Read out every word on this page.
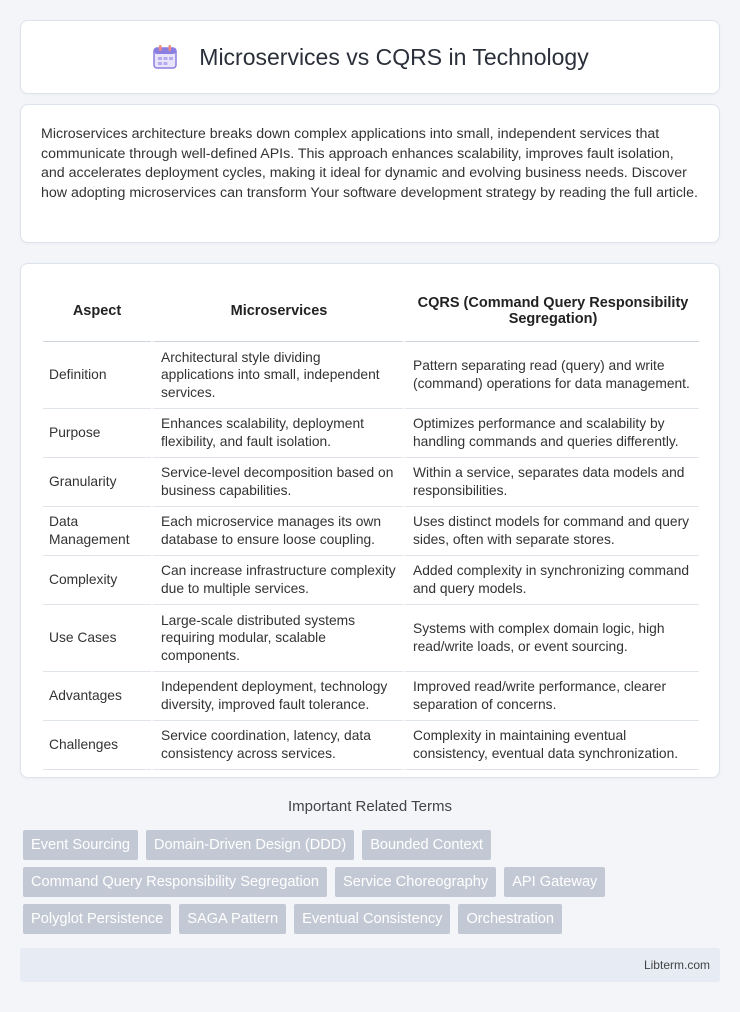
Microservices vs CQRS in Technology

Microservices architecture breaks down complex applications into small, independent services that communicate through well-defined APIs. This approach enhances scalability, improves fault isolation, and accelerates deployment cycles, making it ideal for dynamic and evolving business needs. Discover how adopting microservices can transform Your software development strategy by reading the full article.

Aspect	Microservices	CQRS (Command Query Responsibility Segregation)
Definition	Architectural style dividing applications into small, independent services.	Pattern separating read (query) and write (command) operations for data management.
Purpose	Enhances scalability, deployment flexibility, and fault isolation.	Optimizes performance and scalability by handling commands and queries differently.
Granularity	Service-level decomposition based on business capabilities.	Within a service, separates data models and responsibilities.
Data Management	Each microservice manages its own database to ensure loose coupling.	Uses distinct models for command and query sides, often with separate stores.
Complexity	Can increase infrastructure complexity due to multiple services.	Added complexity in synchronizing command and query models.
Use Cases	Large-scale distributed systems requiring modular, scalable components.	Systems with complex domain logic, high read/write loads, or event sourcing.
Advantages	Independent deployment, technology diversity, improved fault tolerance.	Improved read/write performance, clearer separation of concerns.
Challenges	Service coordination, latency, data consistency across services.	Complexity in maintaining eventual consistency, eventual data synchronization.
Important Related Terms
Event Sourcing	Domain-Driven Design (DDD)	Bounded Context
Command Query Responsibility Segregation	Service Choreography	API Gateway
Polyglot Persistence	SAGA Pattern	Eventual Consistency	Orchestration
Libterm.com
